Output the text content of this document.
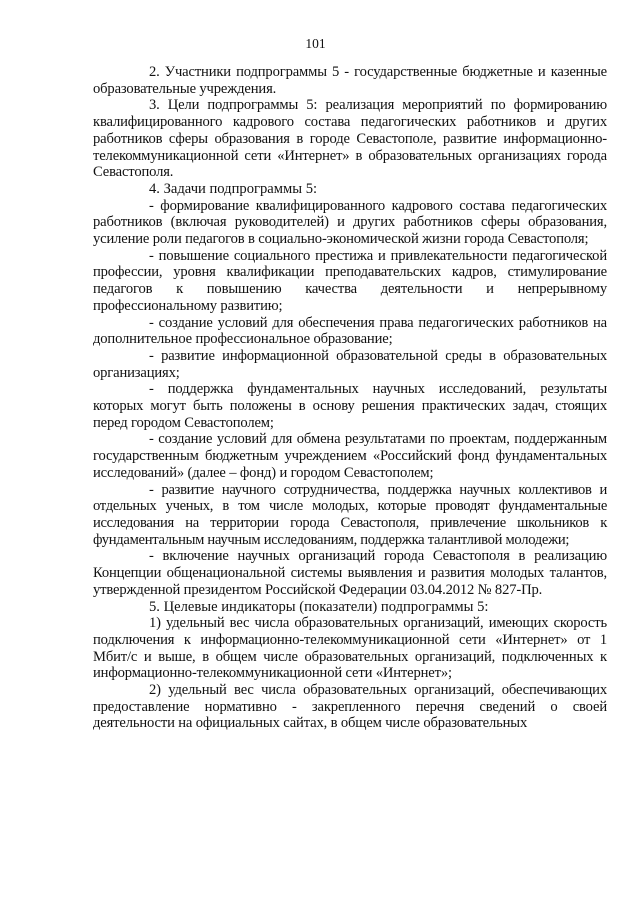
101

2. Участники подпрограммы 5 - государственные бюджетные и казенные образовательные учреждения.

3. Цели подпрограммы 5: реализация мероприятий по формированию квалифицированного кадрового состава педагогических работников и других работников сферы образования в городе Севастополе, развитие информационно-телекоммуникационной сети «Интернет» в образовательных организациях города Севастополя.

4. Задачи подпрограммы 5:

- формирование квалифицированного кадрового состава педагогических работников (включая руководителей) и других работников сферы образования, усиление роли педагогов в социально-экономической жизни города Севастополя;

- повышение социального престижа и привлекательности педагогической профессии, уровня квалификации преподавательских кадров, стимулирование педагогов к повышению качества деятельности и непрерывному профессиональному развитию;

- создание условий для обеспечения права педагогических работников на дополнительное профессиональное образование;

- развитие информационной образовательной среды в образовательных организациях;

- поддержка фундаментальных научных исследований, результаты которых могут быть положены в основу решения практических задач, стоящих перед городом Севастополем;

- создание условий для обмена результатами по проектам, поддержанным государственным бюджетным учреждением «Российский фонд фундаментальных исследований» (далее – фонд) и городом Севастополем;

- развитие научного сотрудничества, поддержка научных коллективов и отдельных ученых, в том числе молодых, которые проводят фундаментальные исследования на территории города Севастополя, привлечение школьников к фундаментальным научным исследованиям, поддержка талантливой молодежи;

- включение научных организаций города Севастополя в реализацию Концепции общенациональной системы выявления и развития молодых талантов, утвержденной президентом Российской Федерации 03.04.2012 № 827-Пр.

5. Целевые индикаторы (показатели) подпрограммы 5:

1) удельный вес числа образовательных организаций, имеющих скорость подключения к информационно-телекоммуникационной сети «Интернет» от 1 Мбит/с и выше, в общем числе образовательных организаций, подключенных к информационно-телекоммуникационной сети «Интернет»;

2) удельный вес числа образовательных организаций, обеспечивающих предоставление нормативно - закрепленного перечня сведений о своей деятельности на официальных сайтах, в общем числе образовательных
